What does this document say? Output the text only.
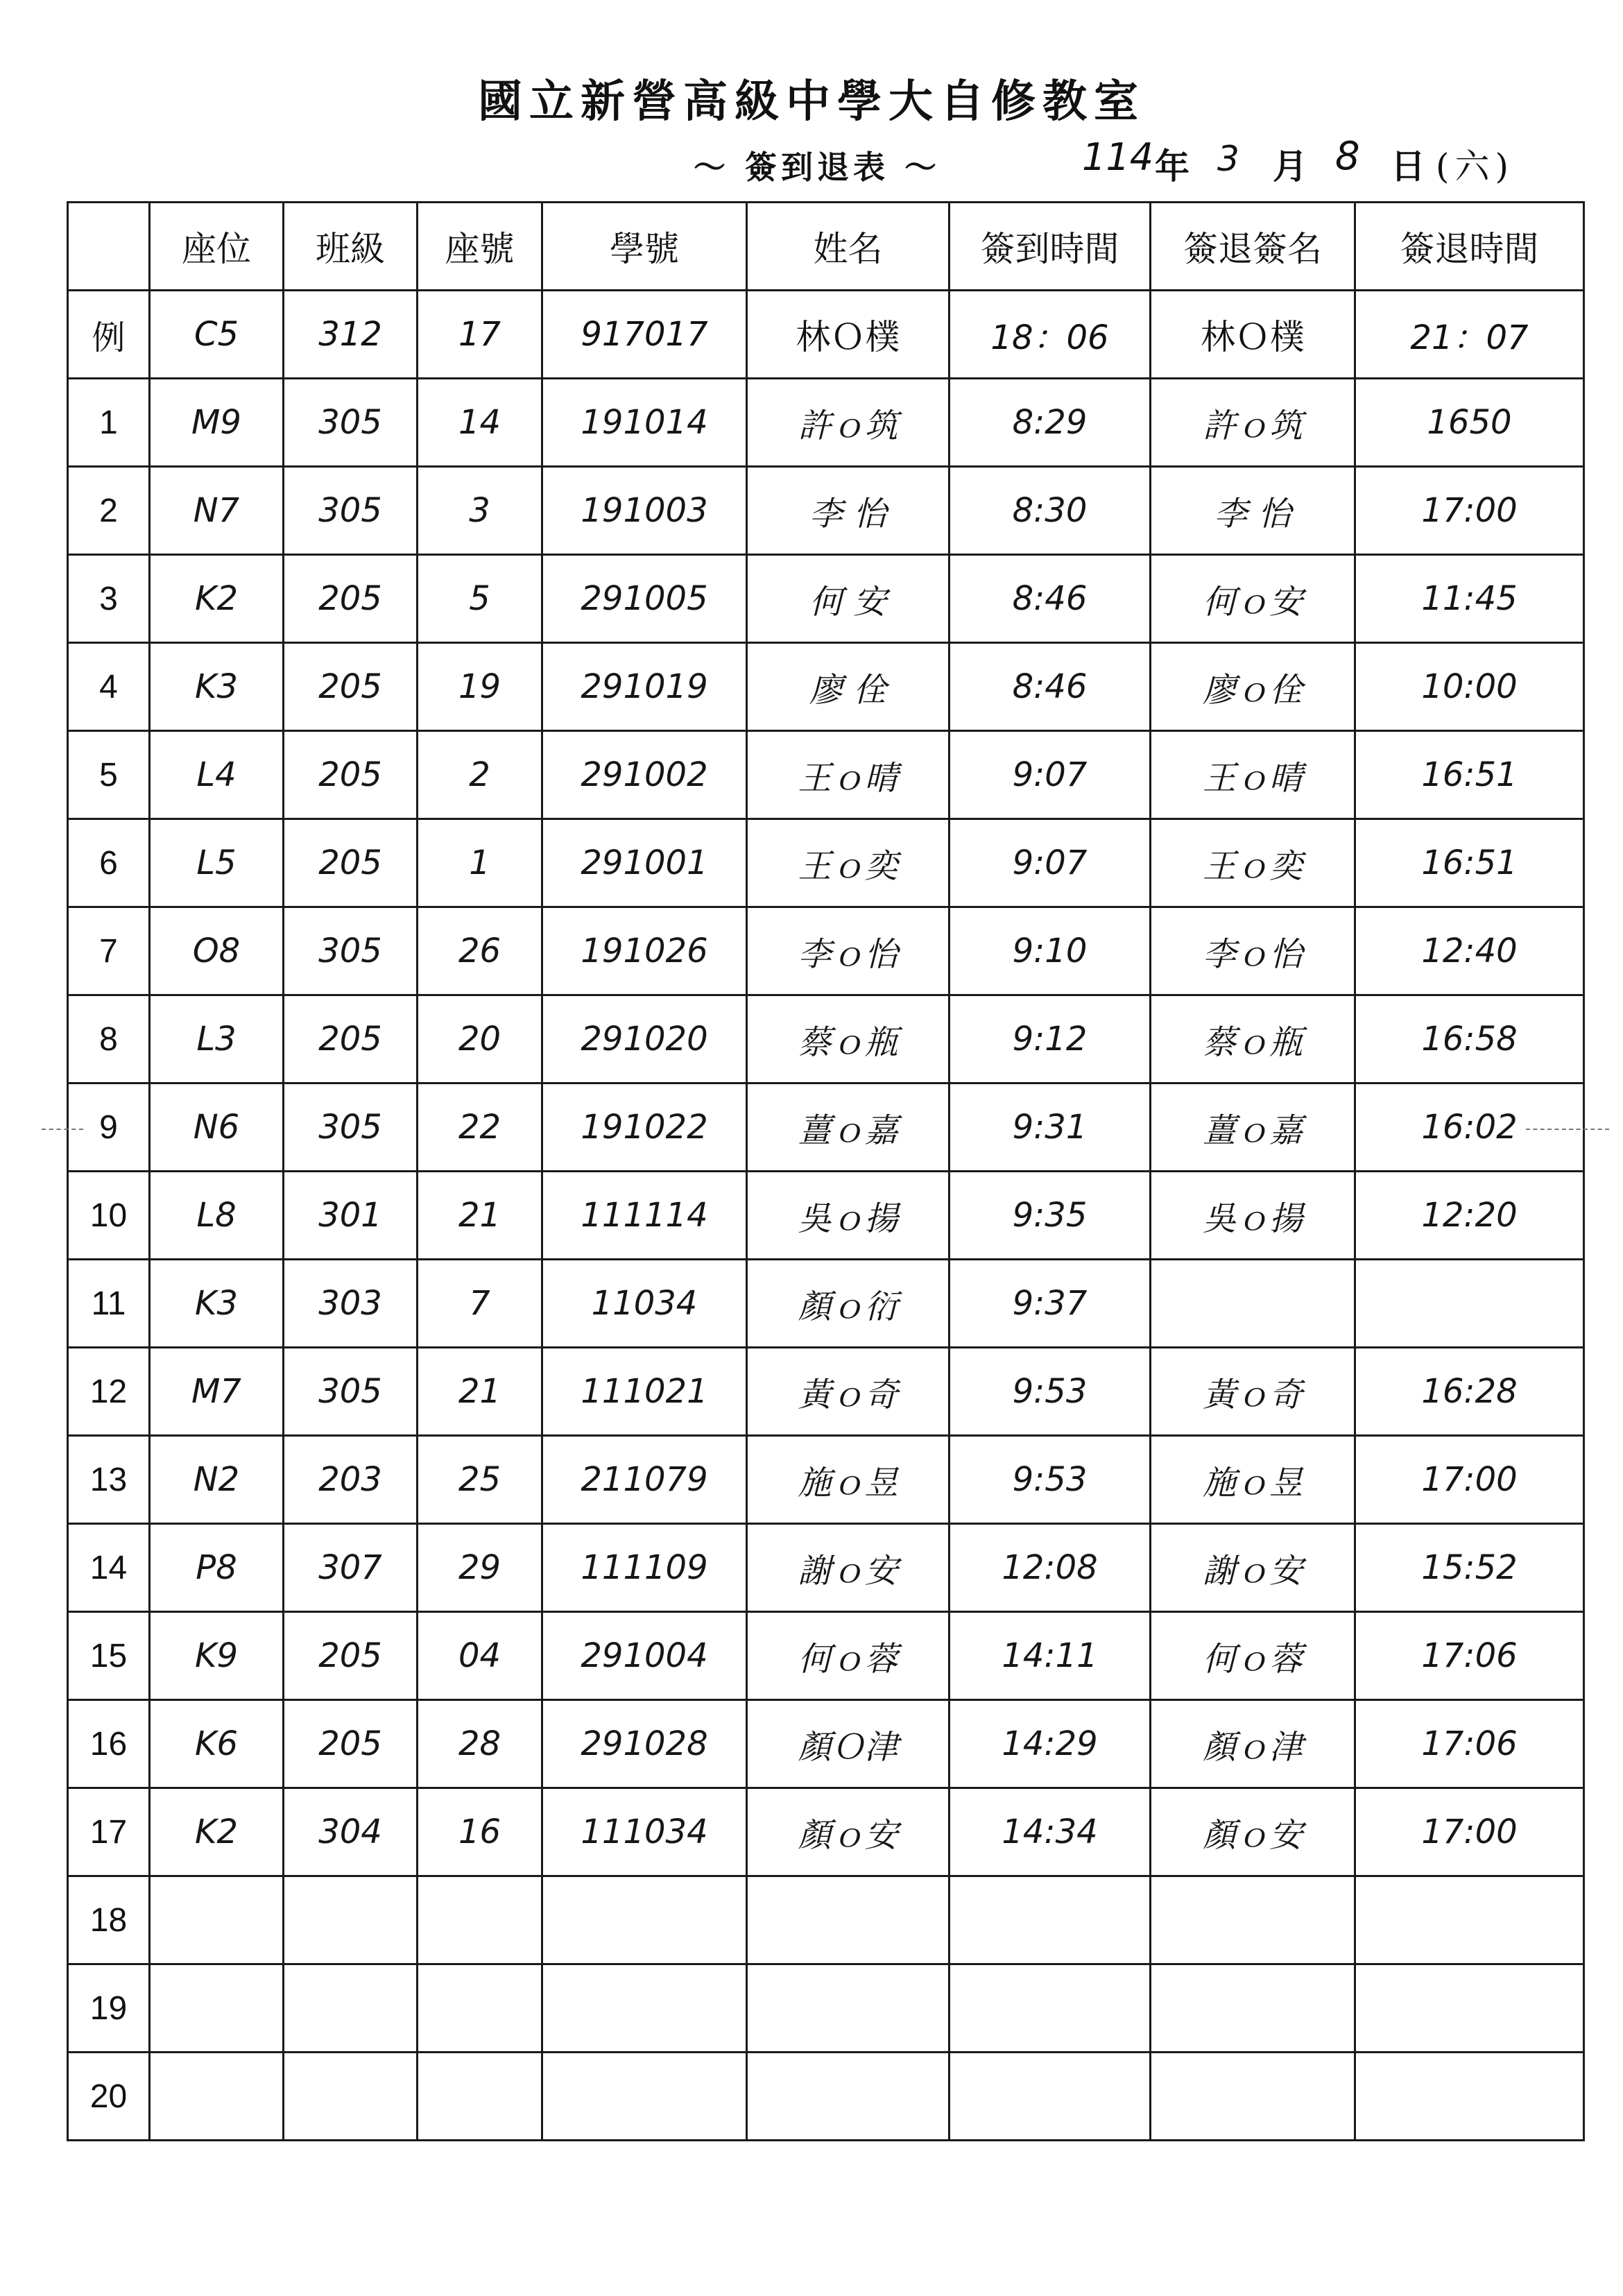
國立新營高級中學大自修教室
～ 簽到退表 ～	114 年 3 月 8 日 (六)
	座位	班級	座號	學號	姓名	簽到時間	簽退簽名	簽退時間
例	C5	312	17	917017	林Ｏ樸	18：06	林Ｏ樸	21：07
1	M9	305	14	191014	許ｏ筑	8:29	許ｏ筑	1650
2	N7	305	3	191003	李 怡	8:30	李 怡	17:00
3	K2	205	5	291005	何 安	8:46	何ｏ安	11:45
4	K3	205	19	291019	廖 佺	8:46	廖ｏ佺	10:00
5	L4	205	2	291002	王ｏ晴	9:07	王ｏ晴	16:51
6	L5	205	1	291001	王ｏ奕	9:07	王ｏ奕	16:51
7	O8	305	26	191026	李ｏ怡	9:10	李ｏ怡	12:40
8	L3	205	20	291020	蔡ｏ瓶	9:12	蔡ｏ瓶	16:58
9	N6	305	22	191022	薑ｏ嘉	9:31	薑ｏ嘉	16:02
10	L8	301	21	111114	吳ｏ揚	9:35	吳ｏ揚	12:20
11	K3	303	7	11034	顏ｏ衍	9:37		
12	M7	305	21	111021	黃ｏ奇	9:53	黃ｏ奇	16:28
13	N2	203	25	211079	施ｏ昱	9:53	施ｏ昱	17:00
14	P8	307	29	111109	謝ｏ安	12:08	謝ｏ安	15:52
15	K9	205	04	291004	何ｏ蓉	14:11	何ｏ蓉	17:06
16	K6	205	28	291028	顏Ｏ津	14:29	顏ｏ津	17:06
17	K2	304	16	111034	顏ｏ安	14:34	顏ｏ安	17:00
18								
19								
20								
